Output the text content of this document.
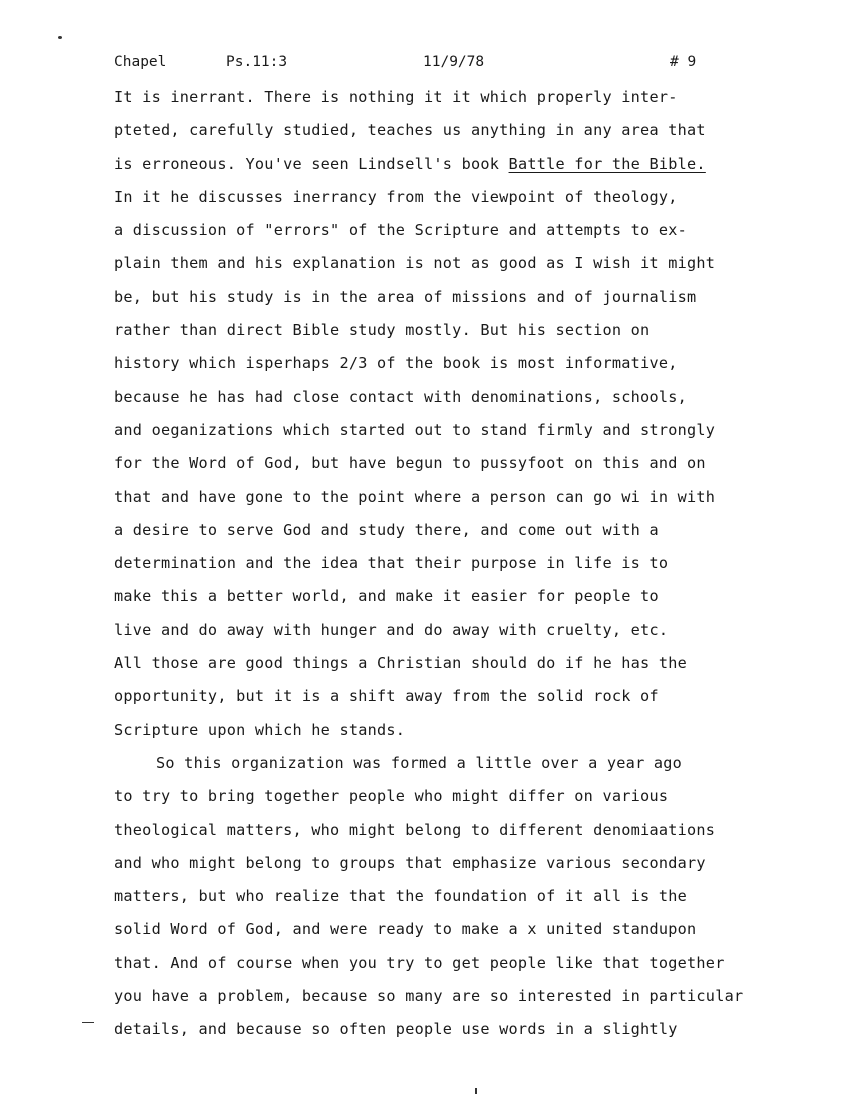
Chapel	Ps.11:3	11/9/78	# 9
It is inerrant. There is nothing it it which properly inter-
pteted, carefully studied, teaches us anything in any area that
is erroneous. You've seen Lindsell's book Battle for the Bible.
In it he discusses inerrancy from the viewpoint of theology,
a discussion of "errors" of the Scripture and attempts to ex-
plain them and his explanation is not as good as I wish it might
be, but his study is in the area of missions and of journalism
rather than direct Bible study mostly. But his section on
history which isperhaps 2/3 of the book is most informative,
because he has had close contact with denominations, schools,
and oeganizations which started out to stand firmly and strongly
for the Word of God, but have begun to pussyfoot on this and on
that and have gone to the point where a person can go wi in with
a desire to serve God and study there, and come out with a
determination and the idea that their purpose in life is to
make this a better world, and make it easier for people to
live and do away with hunger and do away with cruelty, etc.
All those are good things a Christian should do if he has the
opportunity, but it is a shift away from the solid rock of
Scripture upon which he stands.
So this organization was formed a little over a year ago
to try to bring together people who might differ on various
theological matters, who might belong to different denomiaations
and who might belong to groups that emphasize various secondary
matters, but who realize that the foundation of it all is the
solid Word of God, and were ready to make a x united standupon
that. And of course when you try to get people like that together
you have a problem, because so many are so interested in particular
details, and because so often people use words in a slightly
